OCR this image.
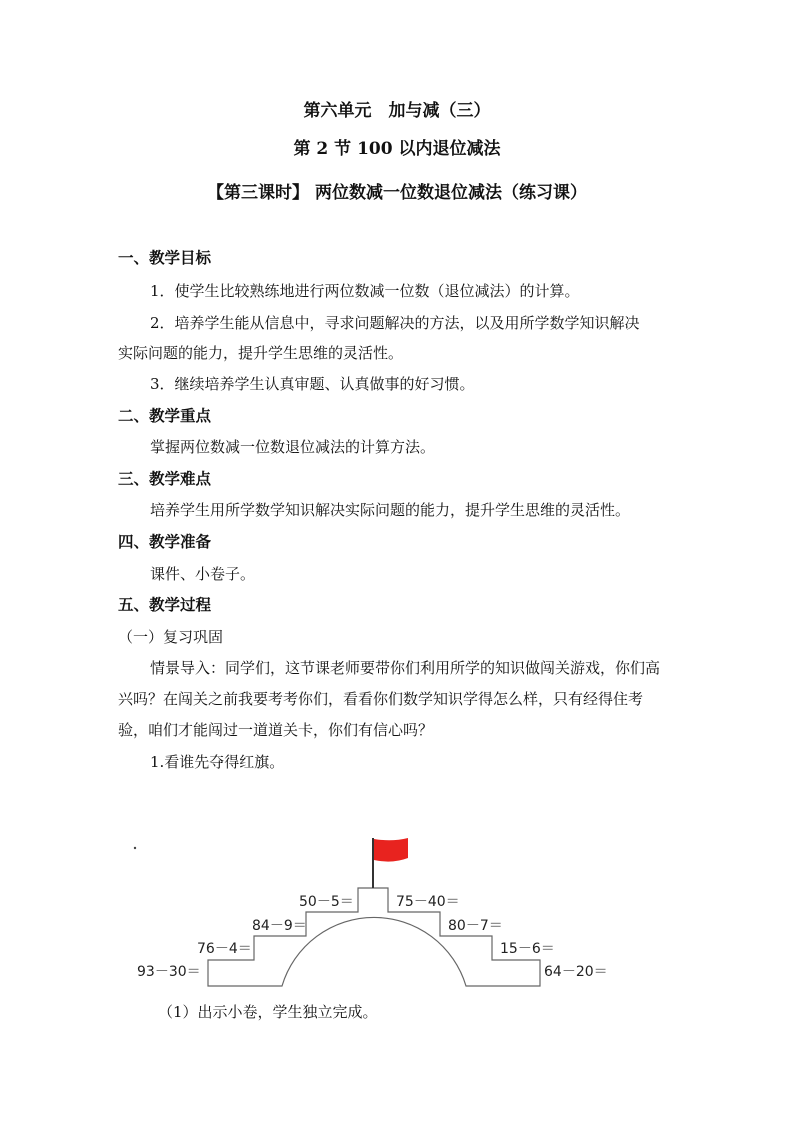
第六单元　加与减（三）
第 2 节 100 以内退位减法
【第三课时】 两位数减一位数退位减法（练习课）
一、教学目标
1．使学生比较熟练地进行两位数减一位数（退位减法）的计算。
2．培养学生能从信息中，寻求问题解决的方法，以及用所学数学知识解决
实际问题的能力，提升学生思维的灵活性。
3．继续培养学生认真审题、认真做事的好习惯。
二、教学重点
掌握两位数减一位数退位减法的计算方法。
三、教学难点
培养学生用所学数学知识解决实际问题的能力，提升学生思维的灵活性。
四、教学准备
课件、小卷子。
五、教学过程
（一）复习巩固
情景导入：同学们，这节课老师要带你们利用所学的知识做闯关游戏，你们高
兴吗？在闯关之前我要考考你们，看看你们数学知识学得怎么样，只有经得住考
验，咱们才能闯过一道道关卡，你们有信心吗？
1.看谁先夺得红旗。
50－5＝
84－9＝
76－4＝
93－30＝
75－40＝
80－7＝
15－6＝
64－20＝
（1）出示小卷，学生独立完成。
